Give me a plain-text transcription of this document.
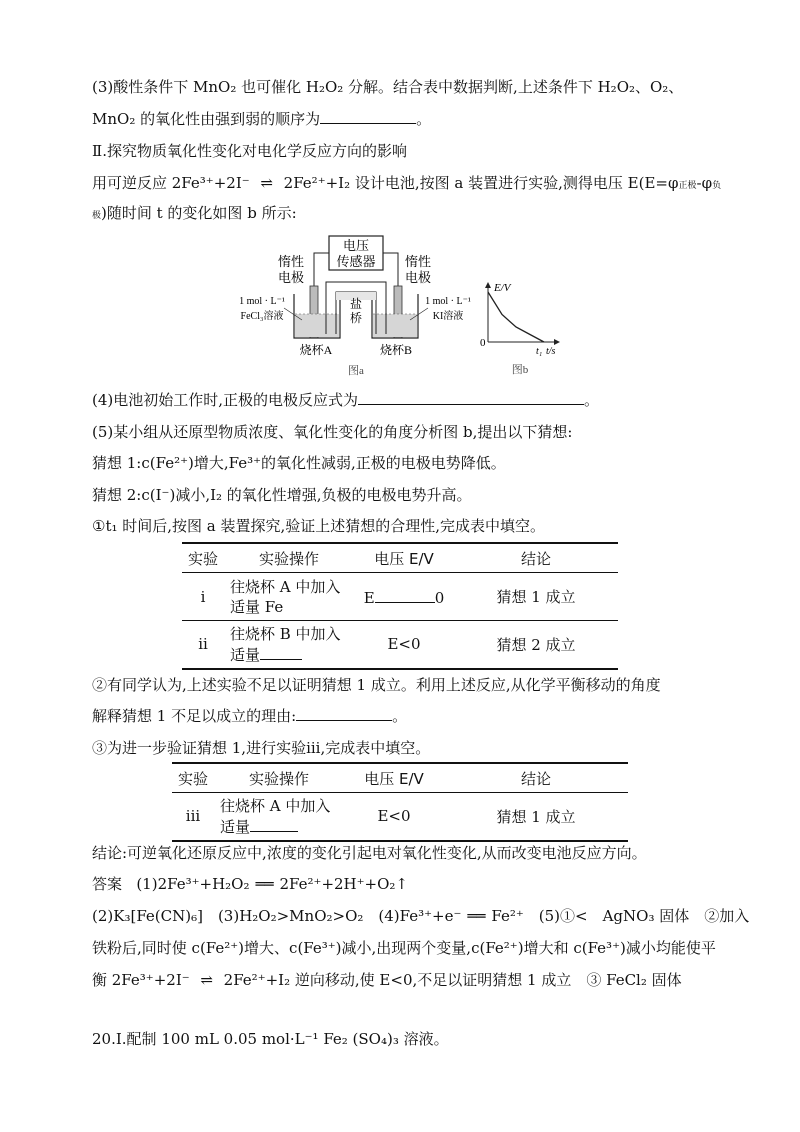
(3)酸性条件下 MnO₂ 也可催化 H₂O₂ 分解。结合表中数据判断,上述条件下 H₂O₂、O₂、
MnO₂ 的氧化性由强到弱的顺序为	。
Ⅱ.探究物质氧化性变化对电化学反应方向的影响
用可逆反应 2Fe³⁺+2I⁻ ⇌ 2Fe²⁺+I₂ 设计电池,按图 a 装置进行实验,测得电压 E(E=φ正极-φ负
极)随时间 t 的变化如图 b 所示:
电压
传感器
惰性
电极
惰性
电极
盐
桥
1 mol · L⁻¹
FeCl₃溶液
1 mol · L⁻¹
KI溶液
烧杯A	烧杯B
图a
E/V
0
t₁ t/s
图b
(4)电池初始工作时,正极的电极反应式为	。
(5)某小组从还原型物质浓度、氧化性变化的角度分析图 b,提出以下猜想:
猜想 1:c(Fe²⁺)增大,Fe³⁺的氧化性减弱,正极的电极电势降低。
猜想 2:c(I⁻)减小,I₂ 的氧化性增强,负极的电极电势升高。
①t₁ 时间后,按图 a 装置探究,验证上述猜想的合理性,完成表中填空。
实验	实验操作	电压 E/V	结论
i	往烧杯 A 中加入
适量 Fe	E 0	猜想 1 成立
ii	往烧杯 B 中加入
适量	E<0	猜想 2 成立
②有同学认为,上述实验不足以证明猜想 1 成立。利用上述反应,从化学平衡移动的角度
解释猜想 1 不足以成立的理由:	。
③为进一步验证猜想 1,进行实验iii,完成表中填空。
实验	实验操作	电压 E/V	结论
iii	往烧杯 A 中加入
适量	E<0	猜想 1 成立
结论:可逆氧化还原反应中,浓度的变化引起电对氧化性变化,从而改变电池反应方向。
答案 (1)2Fe³⁺+H₂O₂ ══ 2Fe²⁺+2H⁺+O₂↑
(2)K₃[Fe(CN)₆]　(3)H₂O₂>MnO₂>O₂　(4)Fe³⁺+e⁻ ══ Fe²⁺　(5)①<　AgNO₃ 固体　②加入
铁粉后,同时使 c(Fe²⁺)增大、c(Fe³⁺)减小,出现两个变量,c(Fe²⁺)增大和 c(Fe³⁺)减小均能使平
衡 2Fe³⁺+2I⁻ ⇌ 2Fe²⁺+I₂ 逆向移动,使 E<0,不足以证明猜想 1 成立　③ FeCl₂ 固体
20.Ⅰ.配制 100 mL 0.05 mol·L⁻¹ Fe₂ (SO₄)₃ 溶液。
